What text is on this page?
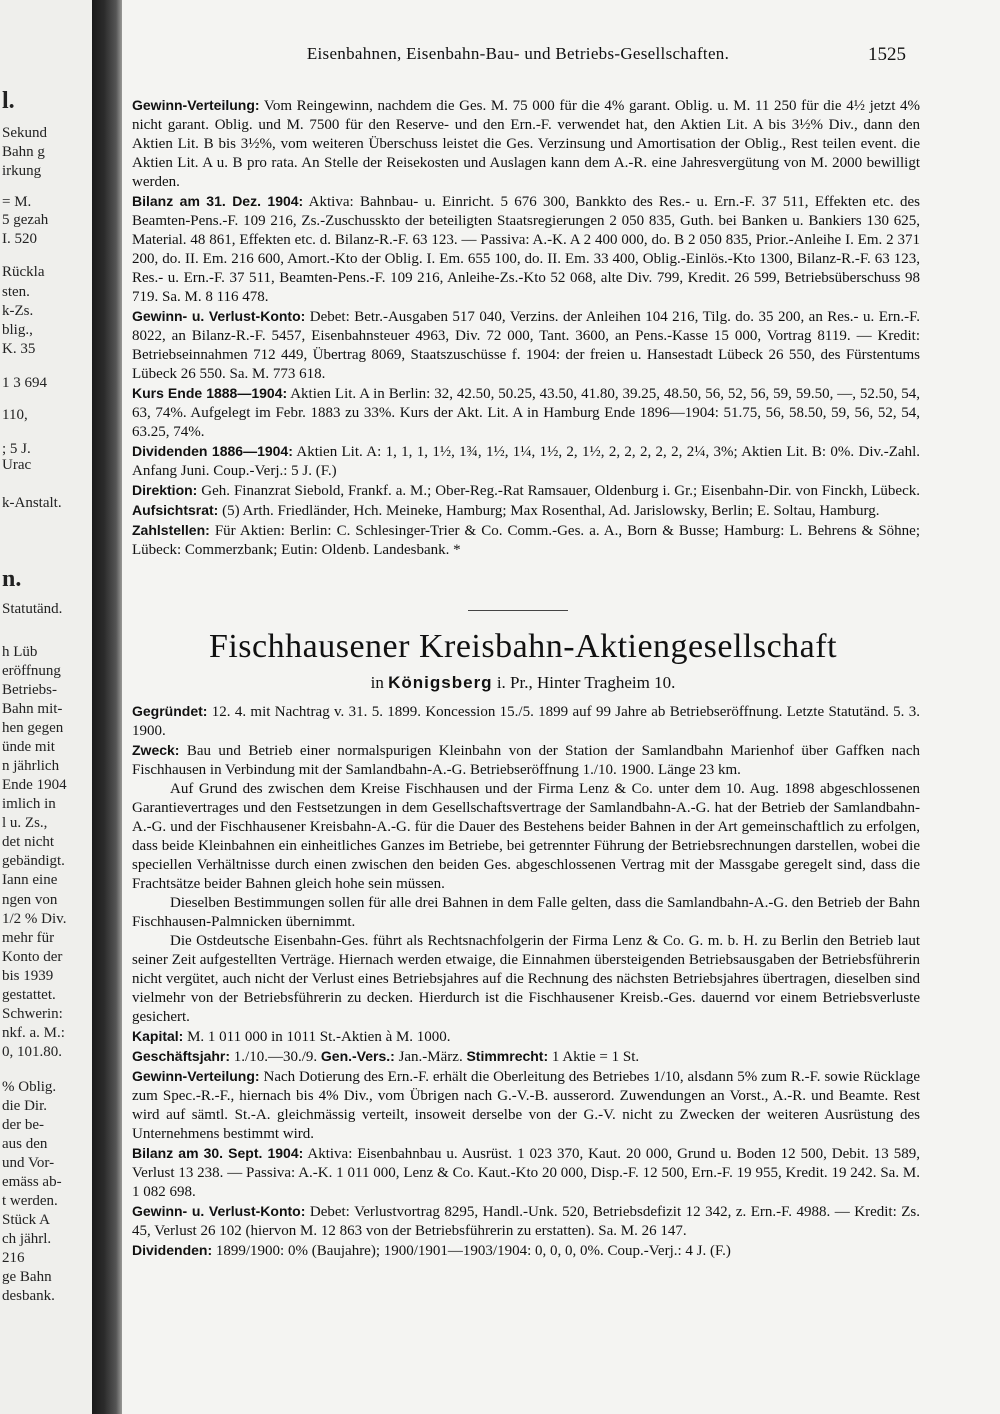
l.
Sekund
Bahn g
irkung
= M.
5 gezah
I. 520
Rückla
sten.
k-Zs.
blig.,
K. 35
1 3 694
110,
; 5 J.
Urac
k-Anstalt.
n.
Statutänd.
h Lüb
eröffnung
Betriebs-
Bahn mit-
hen gegen
ünde mit
n jährlich
Ende 1904
imlich in
l u. Zs.,
det nicht
gebändigt.
Iann eine
ngen von
1/2 % Div.
mehr für
Konto der
bis 1939
gestattet.
Schwerin:
nkf. a. M.:
0, 101.80.
% Oblig.
die Dir.
der be-
aus den
und Vor-
emäss ab-
t werden.
Stück A
ch jährl.
216
ge Bahn
desbank.
Eisenbahnen, Eisenbahn-Bau- und Betriebs-Gesellschaften.	1525

Gewinn-Verteilung: Vom Reingewinn, nachdem die Ges. M. 75 000 für die 4% garant. Oblig. u. M. 11 250 für die 4½ jetzt 4% nicht garant. Oblig. und M. 7500 für den Reserve- und den Ern.-F. verwendet hat, den Aktien Lit. A bis 3½% Div., dann den Aktien Lit. B bis 3½%, vom weiteren Überschuss leistet die Ges. Verzinsung und Amortisation der Oblig., Rest teilen event. die Aktien Lit. A u. B pro rata. An Stelle der Reisekosten und Auslagen kann dem A.-R. eine Jahresvergütung von M. 2000 bewilligt werden.

Bilanz am 31. Dez. 1904: Aktiva: Bahnbau- u. Einricht. 5 676 300, Bankkto des Res.- u. Ern.-F. 37 511, Effekten etc. des Beamten-Pens.-F. 109 216, Zs.-Zuschusskto der beteiligten Staatsregierungen 2 050 835, Guth. bei Banken u. Bankiers 130 625, Material. 48 861, Effekten etc. d. Bilanz-R.-F. 63 123. — Passiva: A.-K. A 2 400 000, do. B 2 050 835, Prior.-Anleihe I. Em. 2 371 200, do. II. Em. 216 600, Amort.-Kto der Oblig. I. Em. 655 100, do. II. Em. 33 400, Oblig.-Einlös.-Kto 1300, Bilanz-R.-F. 63 123, Res.- u. Ern.-F. 37 511, Beamten-Pens.-F. 109 216, Anleihe-Zs.-Kto 52 068, alte Div. 799, Kredit. 26 599, Betriebsüberschuss 98 719. Sa. M. 8 116 478.

Gewinn- u. Verlust-Konto: Debet: Betr.-Ausgaben 517 040, Verzins. der Anleihen 104 216, Tilg. do. 35 200, an Res.- u. Ern.-F. 8022, an Bilanz-R.-F. 5457, Eisenbahnsteuer 4963, Div. 72 000, Tant. 3600, an Pens.-Kasse 15 000, Vortrag 8119. — Kredit: Betriebseinnahmen 712 449, Übertrag 8069, Staatszuschüsse f. 1904: der freien u. Hansestadt Lübeck 26 550, des Fürstentums Lübeck 26 550. Sa. M. 773 618.

Kurs Ende 1888—1904: Aktien Lit. A in Berlin: 32, 42.50, 50.25, 43.50, 41.80, 39.25, 48.50, 56, 52, 56, 59, 59.50, —, 52.50, 54, 63, 74%. Aufgelegt im Febr. 1883 zu 33%. Kurs der Akt. Lit. A in Hamburg Ende 1896—1904: 51.75, 56, 58.50, 59, 56, 52, 54, 63.25, 74%.

Dividenden 1886—1904: Aktien Lit. A: 1, 1, 1, 1½, 1¾, 1½, 1¼, 1½, 2, 1½, 2, 2, 2, 2, 2, 2¼, 3%; Aktien Lit. B: 0%. Div.-Zahl. Anfang Juni. Coup.-Verj.: 5 J. (F.)

Direktion: Geh. Finanzrat Siebold, Frankf. a. M.; Ober-Reg.-Rat Ramsauer, Oldenburg i. Gr.; Eisenbahn-Dir. von Finckh, Lübeck. Aufsichtsrat: (5) Arth. Friedländer, Hch. Meineke, Hamburg; Max Rosenthal, Ad. Jarislowsky, Berlin; E. Soltau, Hamburg.

Zahlstellen: Für Aktien: Berlin: C. Schlesinger-Trier & Co. Comm.-Ges. a. A., Born & Busse; Hamburg: L. Behrens & Söhne; Lübeck: Commerzbank; Eutin: Oldenb. Landesbank. *

Fischhausener Kreisbahn-Aktiengesellschaft
in Königsberg i. Pr., Hinter Tragheim 10.

Gegründet: 12. 4. mit Nachtrag v. 31. 5. 1899. Koncession 15./5. 1899 auf 99 Jahre ab Betriebseröffnung. Letzte Statutänd. 5. 3. 1900.

Zweck: Bau und Betrieb einer normalspurigen Kleinbahn von der Station der Samlandbahn Marienhof über Gaffken nach Fischhausen in Verbindung mit der Samlandbahn-A.-G. Betriebseröffnung 1./10. 1900. Länge 23 km.

Auf Grund des zwischen dem Kreise Fischhausen und der Firma Lenz & Co. unter dem 10. Aug. 1898 abgeschlossenen Garantievertrages und den Festsetzungen in dem Gesellschaftsvertrage der Samlandbahn-A.-G. hat der Betrieb der Samlandbahn-A.-G. und der Fischhausener Kreisbahn-A.-G. für die Dauer des Bestehens beider Bahnen in der Art gemeinschaftlich zu erfolgen, dass beide Kleinbahnen ein einheitliches Ganzes im Betriebe, bei getrennter Führung der Betriebsrechnungen darstellen, wobei die speciellen Verhältnisse durch einen zwischen den beiden Ges. abgeschlossenen Vertrag mit der Massgabe geregelt sind, dass die Frachtsätze beider Bahnen gleich hohe sein müssen.

Dieselben Bestimmungen sollen für alle drei Bahnen in dem Falle gelten, dass die Samlandbahn-A.-G. den Betrieb der Bahn Fischhausen-Palmnicken übernimmt.

Die Ostdeutsche Eisenbahn-Ges. führt als Rechtsnachfolgerin der Firma Lenz & Co. G. m. b. H. zu Berlin den Betrieb laut seiner Zeit aufgestellten Verträge. Hiernach werden etwaige, die Einnahmen übersteigenden Betriebsausgaben der Betriebsführerin nicht vergütet, auch nicht der Verlust eines Betriebsjahres auf die Rechnung des nächsten Betriebsjahres übertragen, dieselben sind vielmehr von der Betriebsführerin zu decken. Hierdurch ist die Fischhausener Kreisb.-Ges. dauernd vor einem Betriebsverluste gesichert.

Kapital: M. 1 011 000 in 1011 St.-Aktien à M. 1000.

Geschäftsjahr: 1./10.—30./9. Gen.-Vers.: Jan.-März. Stimmrecht: 1 Aktie = 1 St.

Gewinn-Verteilung: Nach Dotierung des Ern.-F. erhält die Oberleitung des Betriebes 1/10, alsdann 5% zum R.-F. sowie Rücklage zum Spec.-R.-F., hiernach bis 4% Div., vom Übrigen nach G.-V.-B. ausserord. Zuwendungen an Vorst., A.-R. und Beamte. Rest wird auf sämtl. St.-A. gleichmässig verteilt, insoweit derselbe von der G.-V. nicht zu Zwecken der weiteren Ausrüstung des Unternehmens bestimmt wird.

Bilanz am 30. Sept. 1904: Aktiva: Eisenbahnbau u. Ausrüst. 1 023 370, Kaut. 20 000, Grund u. Boden 12 500, Debit. 13 589, Verlust 13 238. — Passiva: A.-K. 1 011 000, Lenz & Co. Kaut.-Kto 20 000, Disp.-F. 12 500, Ern.-F. 19 955, Kredit. 19 242. Sa. M. 1 082 698.

Gewinn- u. Verlust-Konto: Debet: Verlustvortrag 8295, Handl.-Unk. 520, Betriebsdefizit 12 342, z. Ern.-F. 4988. — Kredit: Zs. 45, Verlust 26 102 (hiervon M. 12 863 von der Betriebsführerin zu erstatten). Sa. M. 26 147.

Dividenden: 1899/1900: 0% (Baujahre); 1900/1901—1903/1904: 0, 0, 0, 0%. Coup.-Verj.: 4 J. (F.)
